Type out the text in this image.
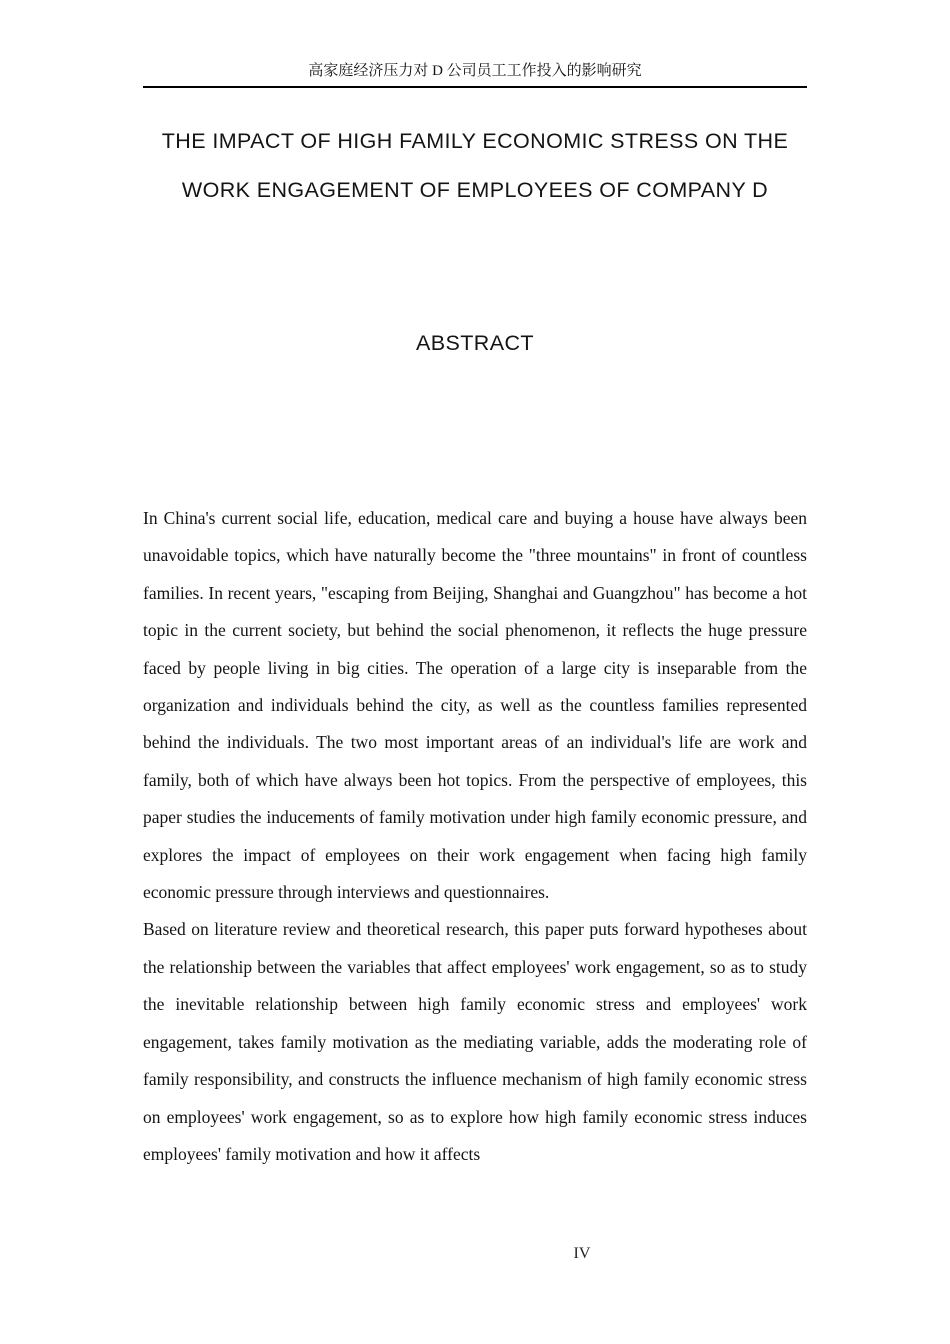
高家庭经济压力对 D 公司员工工作投入的影响研究
THE IMPACT OF HIGH FAMILY ECONOMIC STRESS ON THE
WORK ENGAGEMENT OF EMPLOYEES OF COMPANY D
ABSTRACT

In China's current social life, education, medical care and buying a house have always been unavoidable topics, which have naturally become the "three mountains" in front of countless families. In recent years, "escaping from Beijing, Shanghai and Guangzhou" has become a hot topic in the current society, but behind the social phenomenon, it reflects the huge pressure faced by people living in big cities. The operation of a large city is inseparable from the organization and individuals behind the city, as well as the countless families represented behind the individuals. The two most important areas of an individual's life are work and family, both of which have always been hot topics. From the perspective of employees, this paper studies the inducements of family motivation under high family economic pressure, and explores the impact of employees on their work engagement when facing high family economic pressure through interviews and questionnaires.

Based on literature review and theoretical research, this paper puts forward hypotheses about the relationship between the variables that affect employees' work engagement, so as to study the inevitable relationship between high family economic stress and employees' work engagement, takes family motivation as the mediating variable, adds the moderating role of family responsibility, and constructs the influence mechanism of high family economic stress on employees' work engagement, so as to explore how high family economic stress induces employees' family motivation and how it affects

IV
